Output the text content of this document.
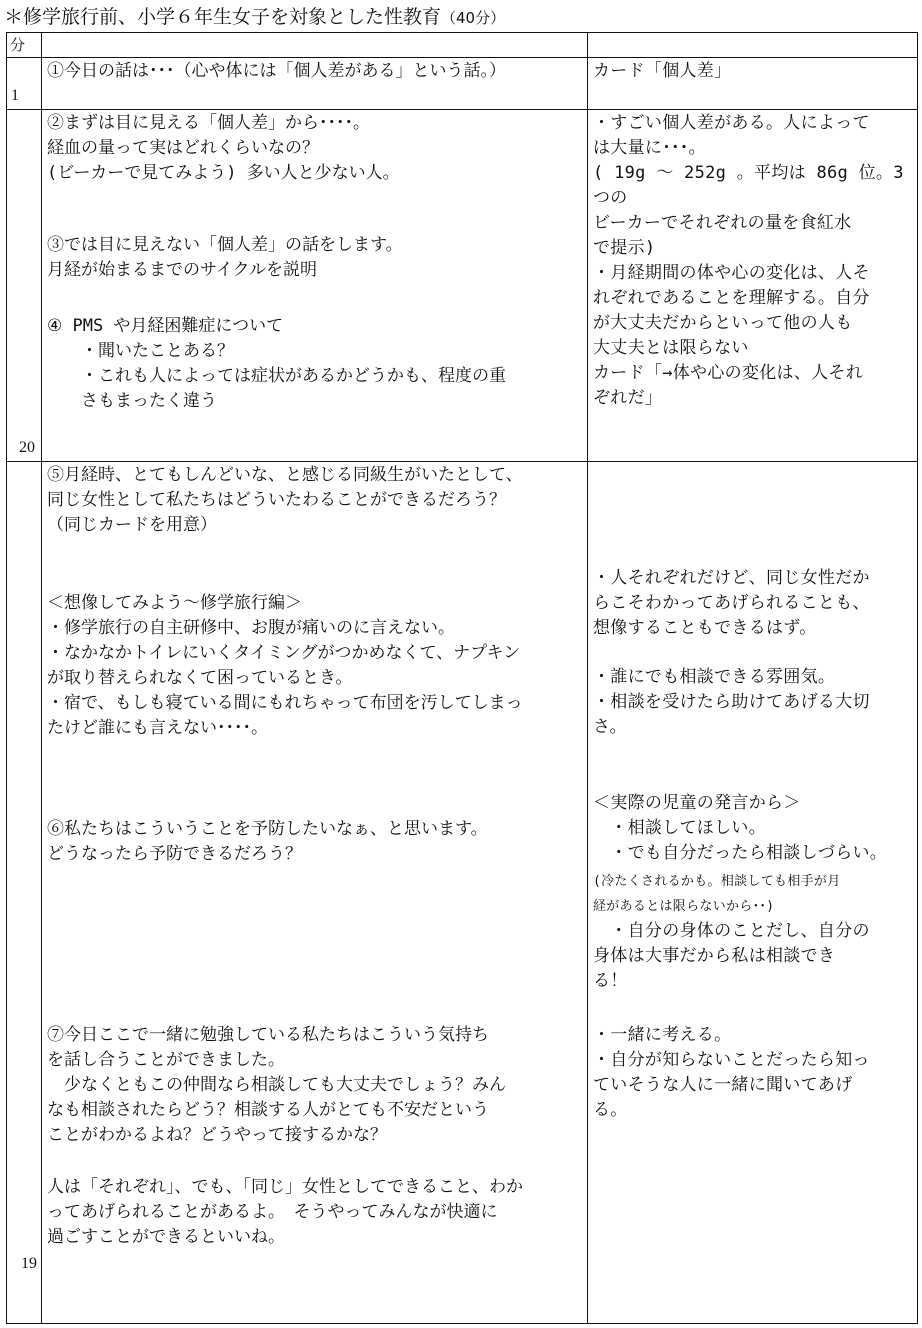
＊修学旅行前、小学６年生女子を対象とした性教育（40分）
分
1
①今日の話は･･･（心や体には「個人差がある」という話。）	カード「個人差」
20
②まずは目に見える「個人差」から････。
経血の量って実はどれくらいなの？
(ビーカーで見てみよう) 多い人と少ない人。
③では目に見えない「個人差」の話をします。
月経が始まるまでのサイクルを説明
④ PMS や月経困難症について
　　・聞いたことある？
　　・これも人によっては症状があるかどうかも、程度の重
　　さもまったく違う
・すごい個人差がある。人によって
は大量に･･･。
( 19g ～ 252g 。平均は 86g 位。3つの
ビーカーでそれぞれの量を食紅水
で提示)
・月経期間の体や心の変化は、人そ
れぞれであることを理解する。自分
が大丈夫だからといって他の人も
大丈夫とは限らない
カード「→体や心の変化は、人それ
ぞれだ」
19
⑤月経時、とてもしんどいな、と感じる同級生がいたとして、
同じ女性として私たちはどういたわることができるだろう？
（同じカードを用意）
＜想像してみよう～修学旅行編＞
・修学旅行の自主研修中、お腹が痛いのに言えない。
・なかなかトイレにいくタイミングがつかめなくて、ナプキン
が取り替えられなくて困っているとき。
・宿で、もしも寝ている間にもれちゃって布団を汚してしまっ
たけど誰にも言えない････。
⑥私たちはこういうことを予防したいなぁ、と思います。
どうなったら予防できるだろう？
⑦今日ここで一緒に勉強している私たちはこういう気持ち
を話し合うことができました。
　少なくともこの仲間なら相談しても大丈夫でしょう？みん
なも相談されたらどう？相談する人がとても不安だという
ことがわかるよね？どうやって接するかな？
人は「それぞれ」、でも、「同じ」女性としてできること、わか
ってあげられることがあるよ。　そうやってみんなが快適に
過ごすことができるといいね。
・人それぞれだけど、同じ女性だか
らこそわかってあげられることも、
想像することもできるはず。
・誰にでも相談できる雰囲気。
・相談を受けたら助けてあげる大切
さ。
＜実際の児童の発言から＞
　・相談してほしい。
　・でも自分だったら相談しづらい。
(冷たくされるかも。相談しても相手が月
経があるとは限らないから･･)
　・自分の身体のことだし、自分の
身体は大事だから私は相談でき
る！
・一緒に考える。
・自分が知らないことだったら知っ
ていそうな人に一緒に聞いてあげ
る。
